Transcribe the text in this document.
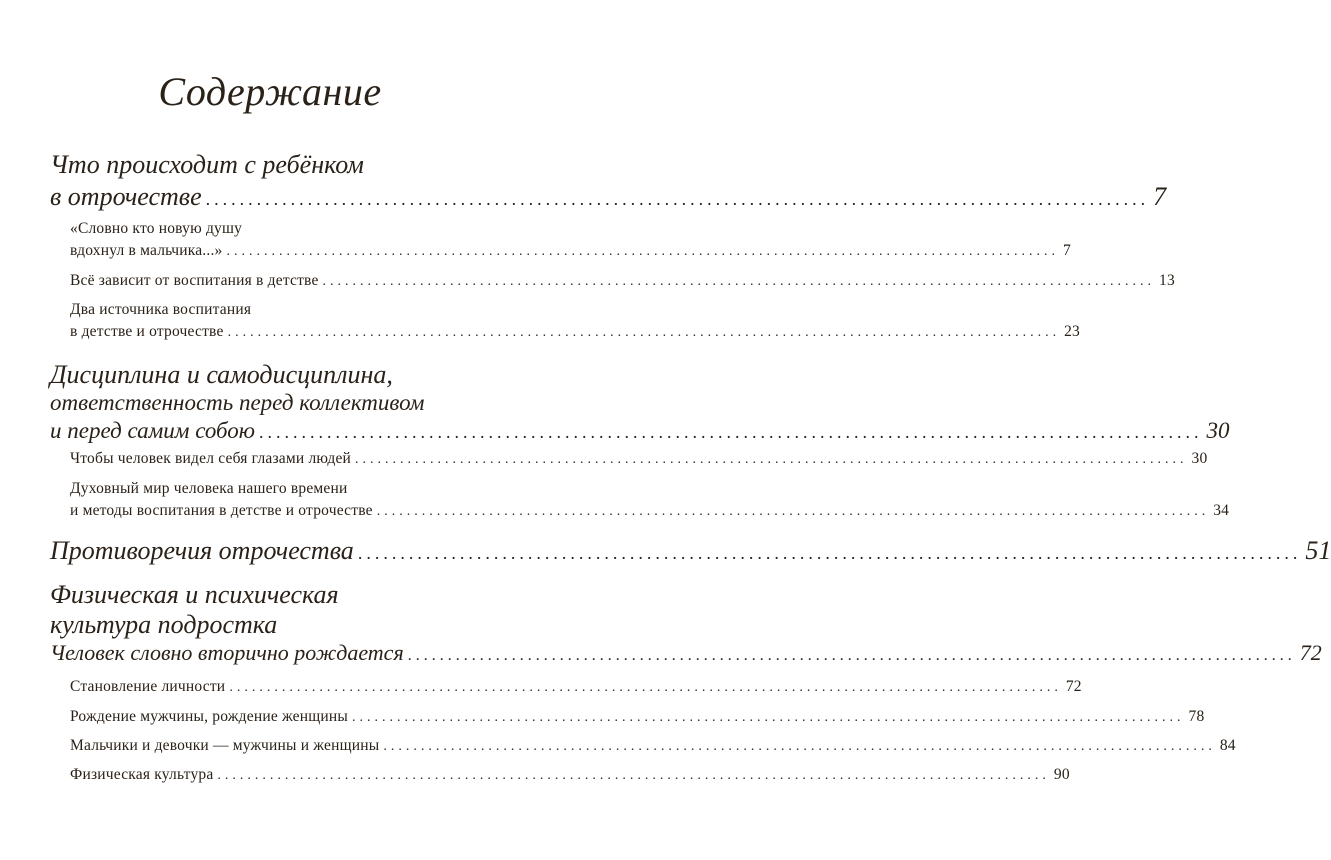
Содержание
Что происходит с ребёнком
в отрочестве ............................................................................................................... 7
«Словно кто новую душу
вдохнул в мальчика...» ............................................................................................................... 7
Всё зависит от воспитания в детстве ............................................................................................................... 13
Два источника воспитания
в детстве и отрочестве ............................................................................................................... 23
Дисциплина и самодисциплина,
ответственность перед коллективом
и перед самим собою ............................................................................................................... 30
Чтобы человек видел себя глазами людей ............................................................................................................... 30
Духовный мир человека нашего времени
и методы воспитания в детстве и отрочестве ............................................................................................................... 34
Противоречия отрочества ............................................................................................................... 51
Физическая и психическая
культура подростка
Человек словно вторично рождается ............................................................................................................... 72
Становление личности ............................................................................................................... 72
Рождение мужчины, рождение женщины ............................................................................................................... 78
Мальчики и девочки — мужчины и женщины ............................................................................................................... 84
Физическая культура ............................................................................................................... 90
